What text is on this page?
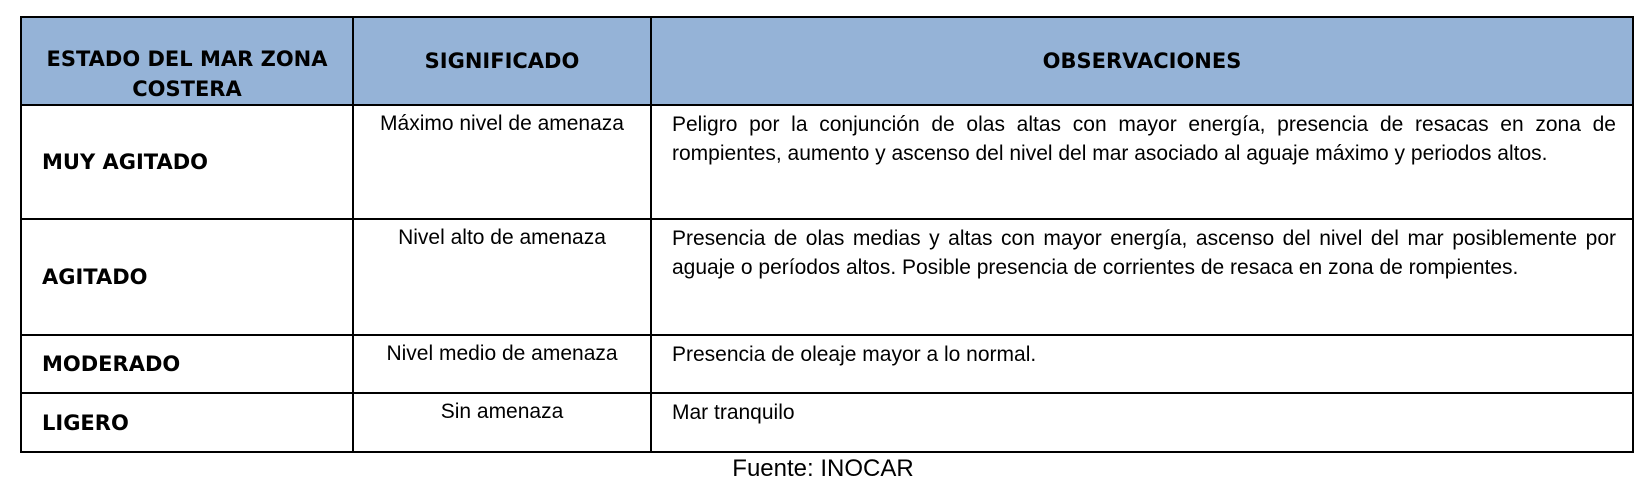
ESTADO DEL MAR ZONA COSTERA	SIGNIFICADO	OBSERVACIONES
MUY AGITADO	Máximo nivel de amenaza	Peligro por la conjunción de olas altas con mayor energía, presencia de resacas en zona de rompientes, aumento y ascenso del nivel del mar asociado al aguaje máximo y periodos altos.
AGITADO	Nivel alto de amenaza	Presencia de olas medias y altas con mayor energía, ascenso del nivel del mar posiblemente por aguaje o períodos altos. Posible presencia de corrientes de resaca en zona de rompientes.
MODERADO	Nivel medio de amenaza	Presencia de oleaje mayor a lo normal.
LIGERO	Sin amenaza	Mar tranquilo
Fuente: INOCAR
